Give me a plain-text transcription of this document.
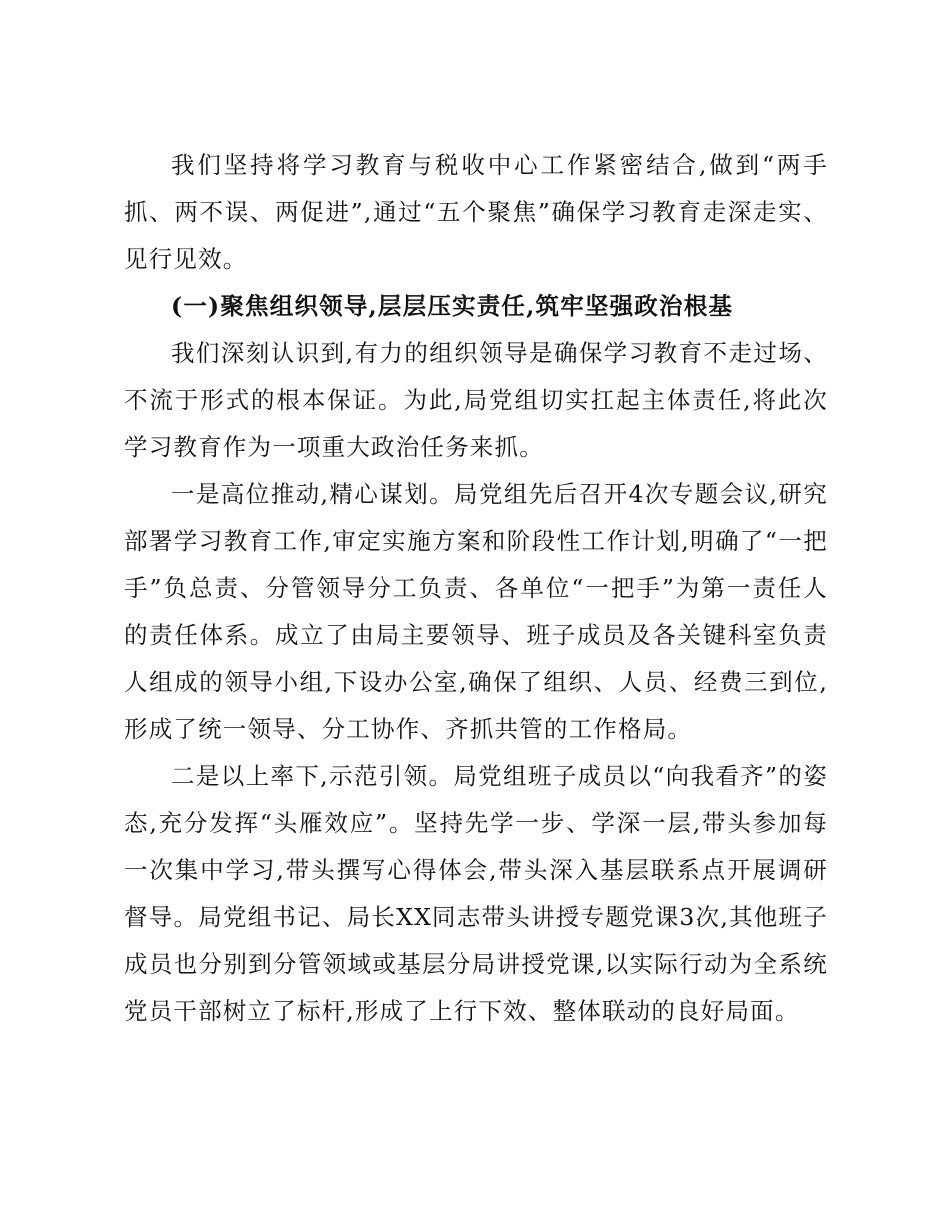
我们坚持将学习教育与税收中心工作紧密结合,做到“两手抓、两不误、两促进”,通过“五个聚焦”确保学习教育走深走实、见行见效。

(一)聚焦组织领导,层层压实责任,筑牢坚强政治根基

我们深刻认识到,有力的组织领导是确保学习教育不走过场、不流于形式的根本保证。为此,局党组切实扛起主体责任,将此次学习教育作为一项重大政治任务来抓。

一是高位推动,精心谋划。局党组先后召开4次专题会议,研究部署学习教育工作,审定实施方案和阶段性工作计划,明确了“一把手”负总责、分管领导分工负责、各单位“一把手”为第一责任人的责任体系。成立了由局主要领导、班子成员及各关键科室负责人组成的领导小组,下设办公室,确保了组织、人员、经费三到位,形成了统一领导、分工协作、齐抓共管的工作格局。

二是以上率下,示范引领。局党组班子成员以“向我看齐”的姿态,充分发挥“头雁效应”。坚持先学一步、学深一层,带头参加每一次集中学习,带头撰写心得体会,带头深入基层联系点开展调研督导。局党组书记、局长XX同志带头讲授专题党课3次,其他班子成员也分别到分管领域或基层分局讲授党课,以实际行动为全系统党员干部树立了标杆,形成了上行下效、整体联动的良好局面。
